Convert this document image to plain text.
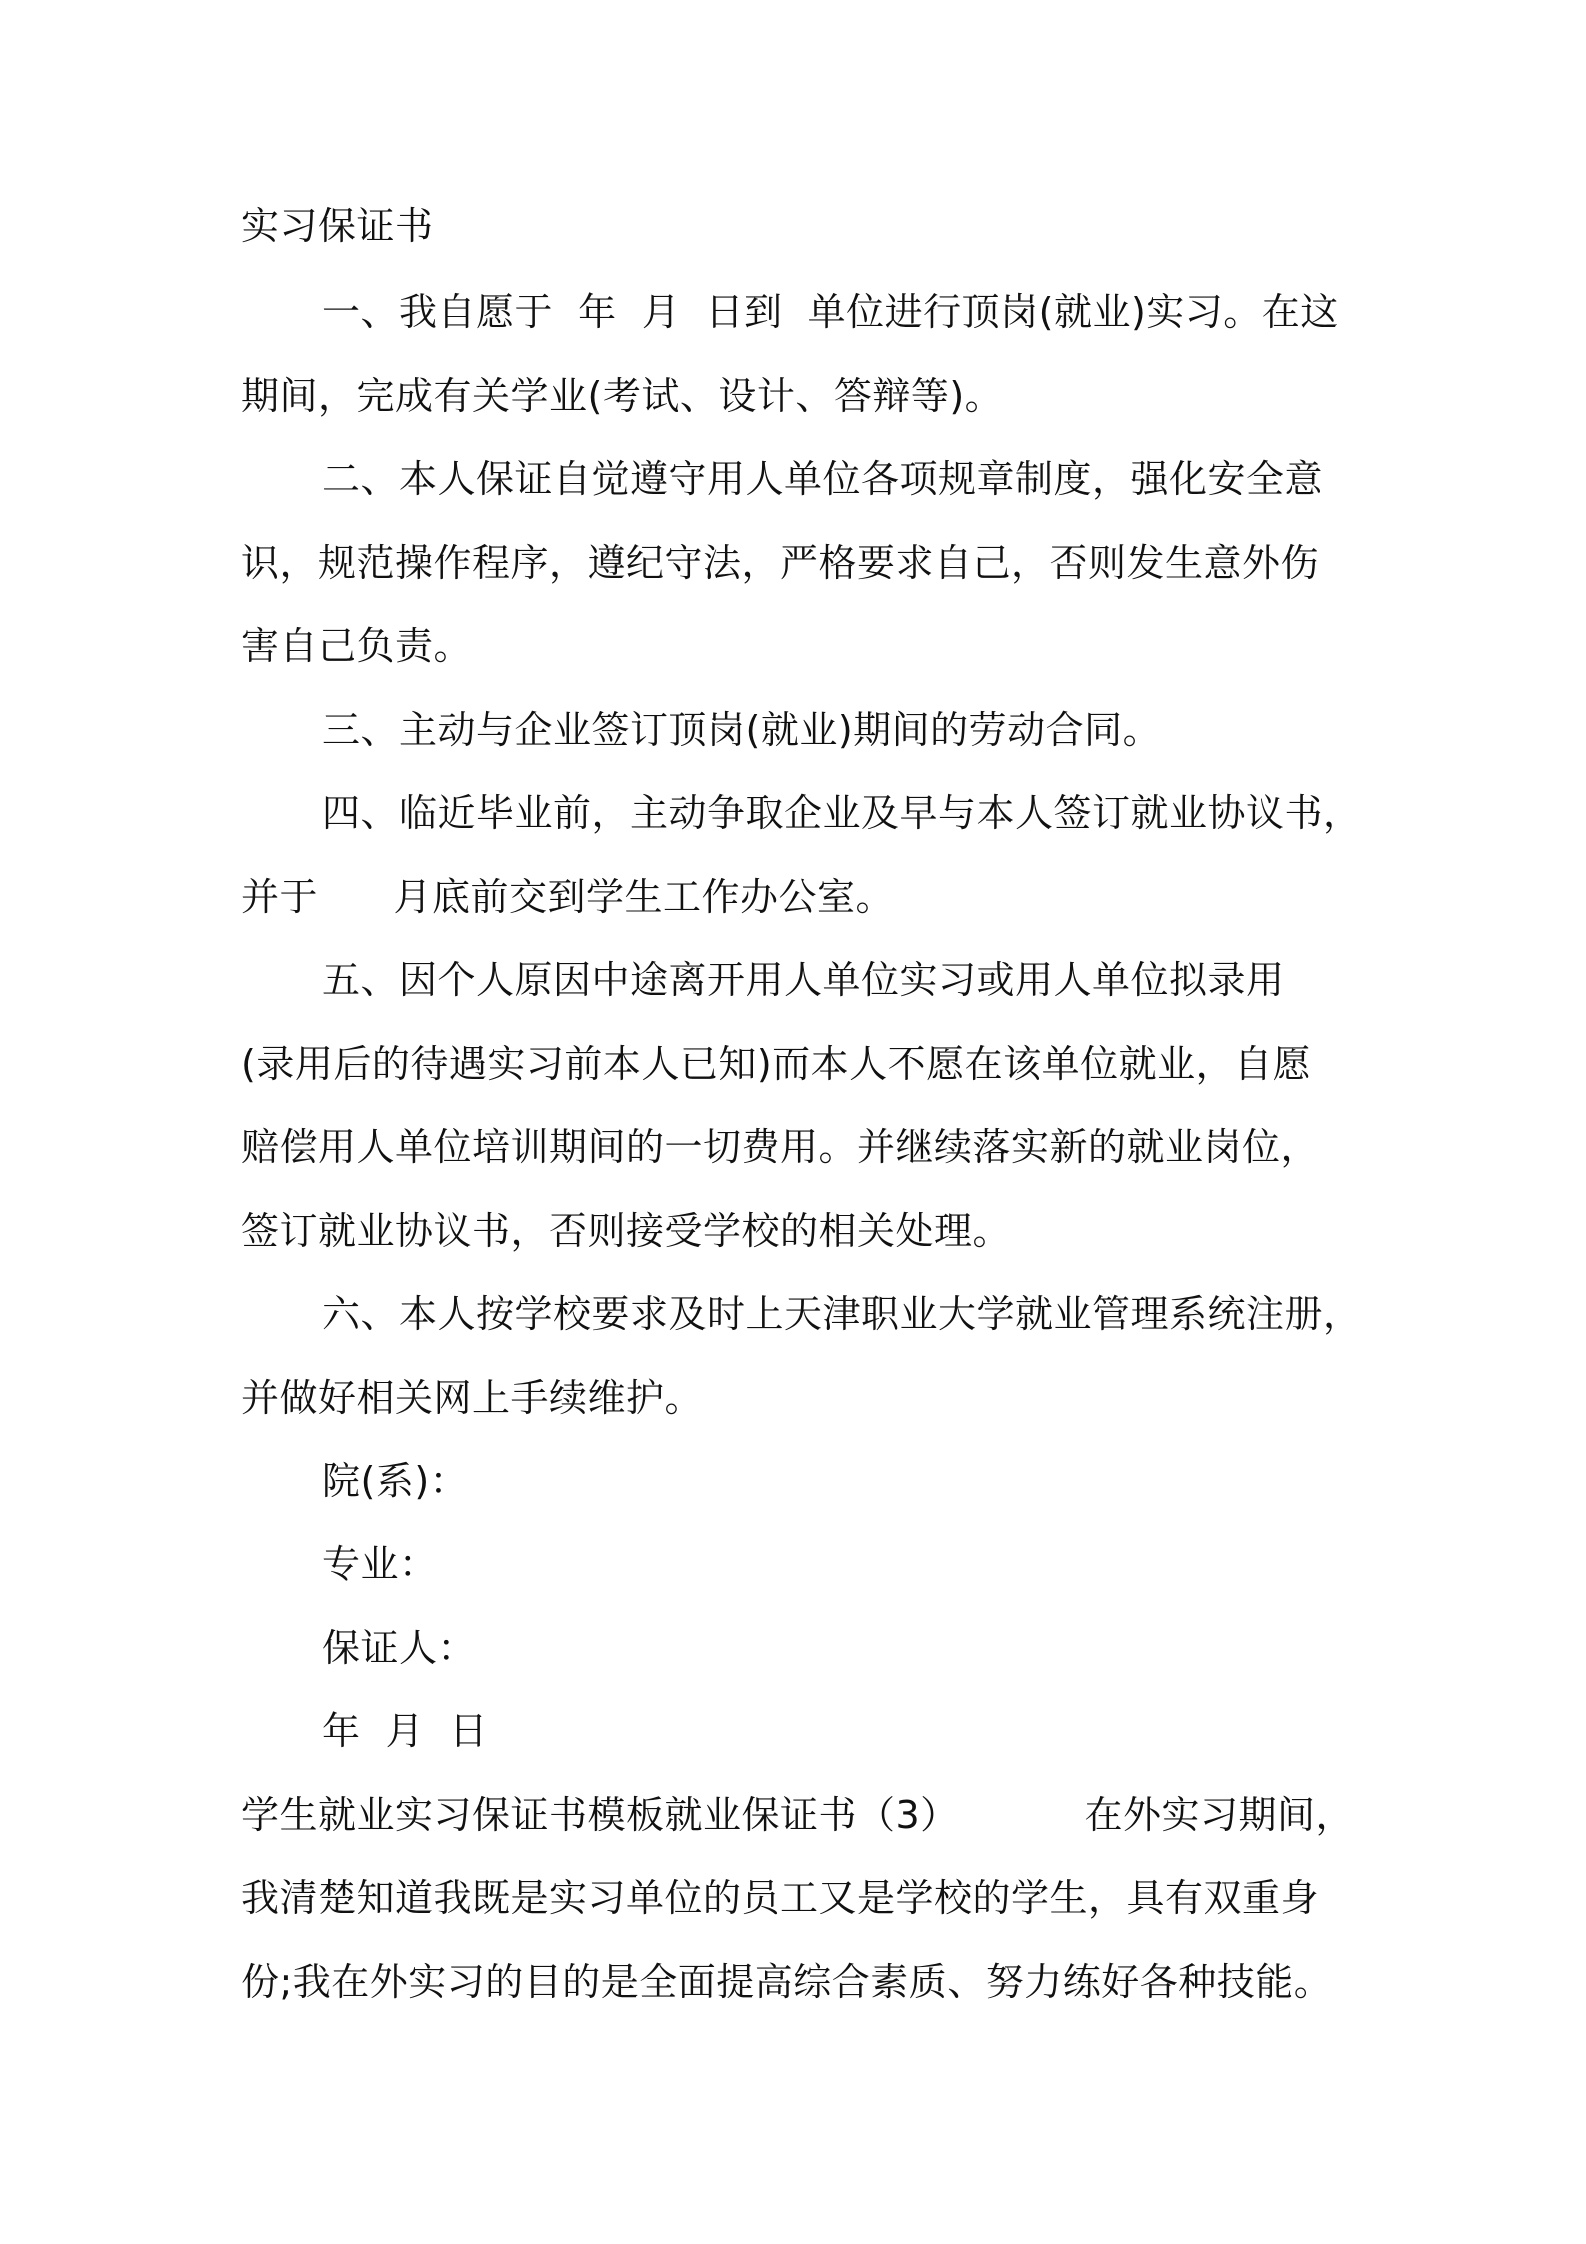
实习保证书

一、我自愿于  年  月  日到  单位进行顶岗(就业)实习。在这

期间，完成有关学业(考试、设计、答辩等)。

二、本人保证自觉遵守用人单位各项规章制度，强化安全意

识，规范操作程序，遵纪守法，严格要求自己，否则发生意外伤

害自己负责。

三、主动与企业签订顶岗(就业)期间的劳动合同。

四、临近毕业前，主动争取企业及早与本人签订就业协议书，

并于      月底前交到学生工作办公室。

五、因个人原因中途离开用人单位实习或用人单位拟录用

(录用后的待遇实习前本人已知)而本人不愿在该单位就业，自愿

赔偿用人单位培训期间的一切费用。并继续落实新的就业岗位，

签订就业协议书，否则接受学校的相关处理。

六、本人按学校要求及时上天津职业大学就业管理系统注册，

并做好相关网上手续维护。

院(系)：

专业：

保证人：

年  月  日

学生就业实习保证书模板就业保证书（3）          在外实习期间，

我清楚知道我既是实习单位的员工又是学校的学生，具有双重身

份;我在外实习的目的是全面提高综合素质、努力练好各种技能。
